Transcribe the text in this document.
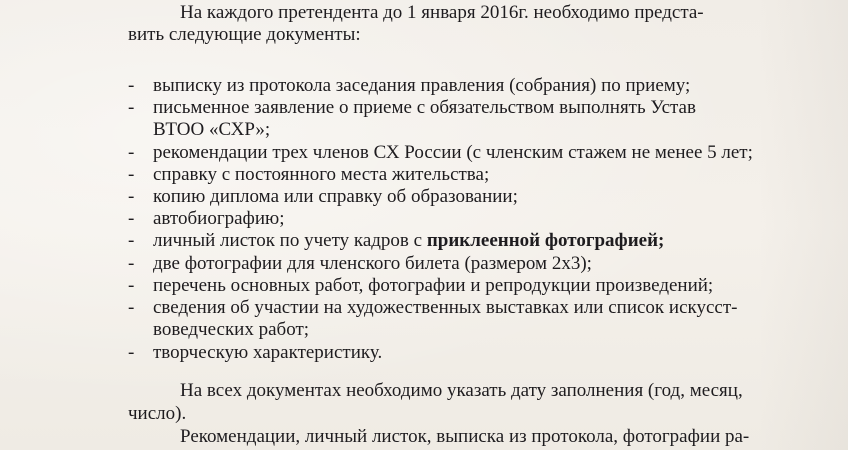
На каждого претендента до 1 января 2016г. необходимо предста-
вить следующие документы:
- выписку из протокола заседания правления (собрания) по приему;
- письменное заявление о приеме с обязательством выполнять Устав
ВТОО «СХР»;
- рекомендации трех членов СХ России (с членским стажем не менее 5 лет;
- справку с постоянного места жительства;
- копию диплома или справку об образовании;
- автобиографию;
- личный листок по учету кадров с приклеенной фотографией;
- две фотографии для членского билета (размером 2х3);
- перечень основных работ, фотографии и репродукции произведений;
- сведения об участии на художественных выставках или список искусст-
воведческих работ;
- творческую характеристику.
На всех документах необходимо указать дату заполнения (год, месяц,
число).
Рекомендации, личный листок, выписка из протокола, фотографии ра-
